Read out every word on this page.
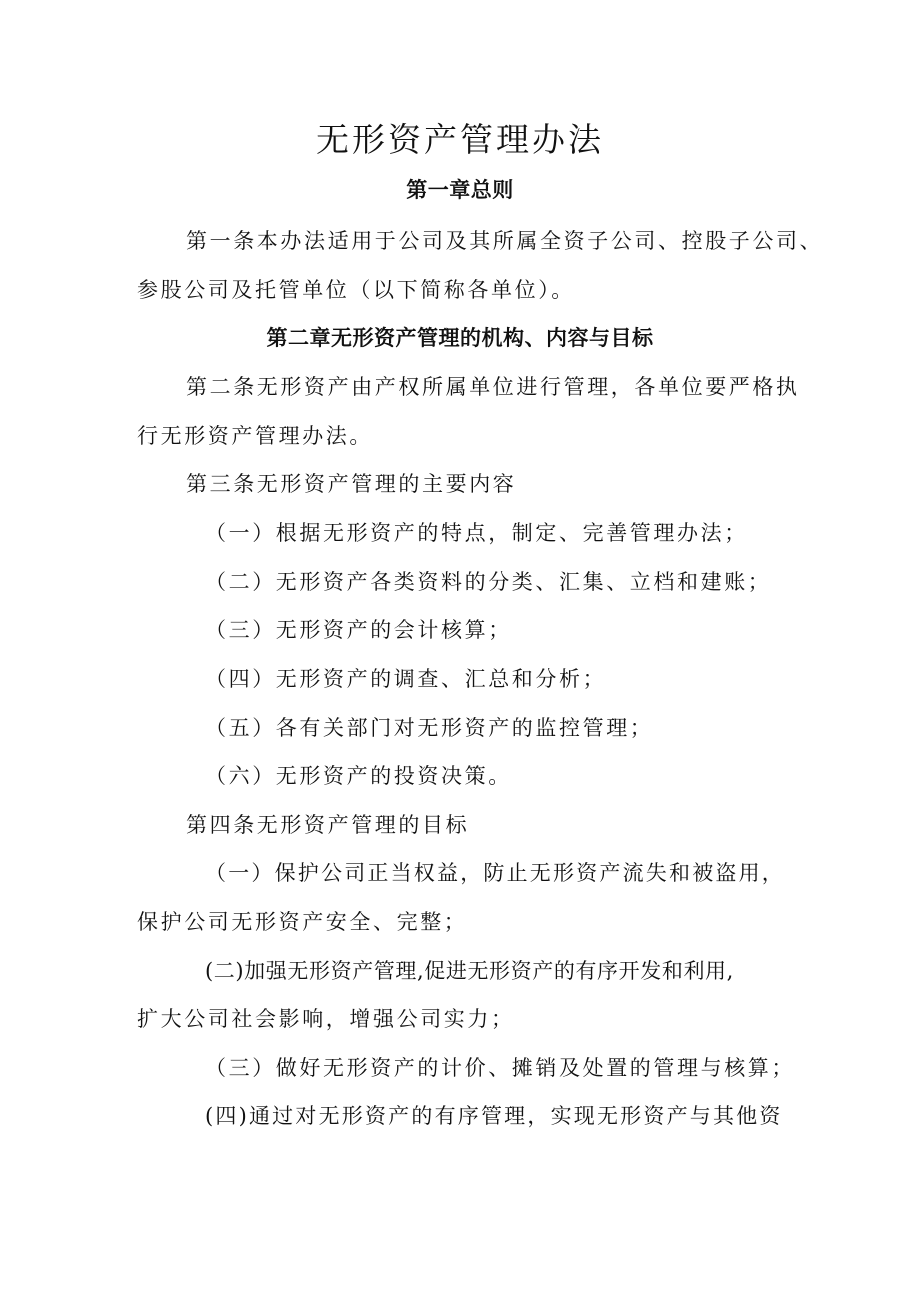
无形资产管理办法
第一章总则

第一条本办法适用于公司及其所属全资子公司、控股子公司、

参股公司及托管单位（以下简称各单位）。

第二章无形资产管理的机构、内容与目标

第二条无形资产由产权所属单位进行管理，各单位要严格执

行无形资产管理办法。

第三条无形资产管理的主要内容

（一）根据无形资产的特点，制定、完善管理办法；

（二）无形资产各类资料的分类、汇集、立档和建账；

（三）无形资产的会计核算；

（四）无形资产的调查、汇总和分析；

（五）各有关部门对无形资产的监控管理；

（六）无形资产的投资决策。

第四条无形资产管理的目标

（一）保护公司正当权益，防止无形资产流失和被盗用，

保护公司无形资产安全、完整；

(二)加强无形资产管理,促进无形资产的有序开发和利用,

扩大公司社会影响，增强公司实力；

（三）做好无形资产的计价、摊销及处置的管理与核算；

(四)通过对无形资产的有序管理，实现无形资产与其他资
